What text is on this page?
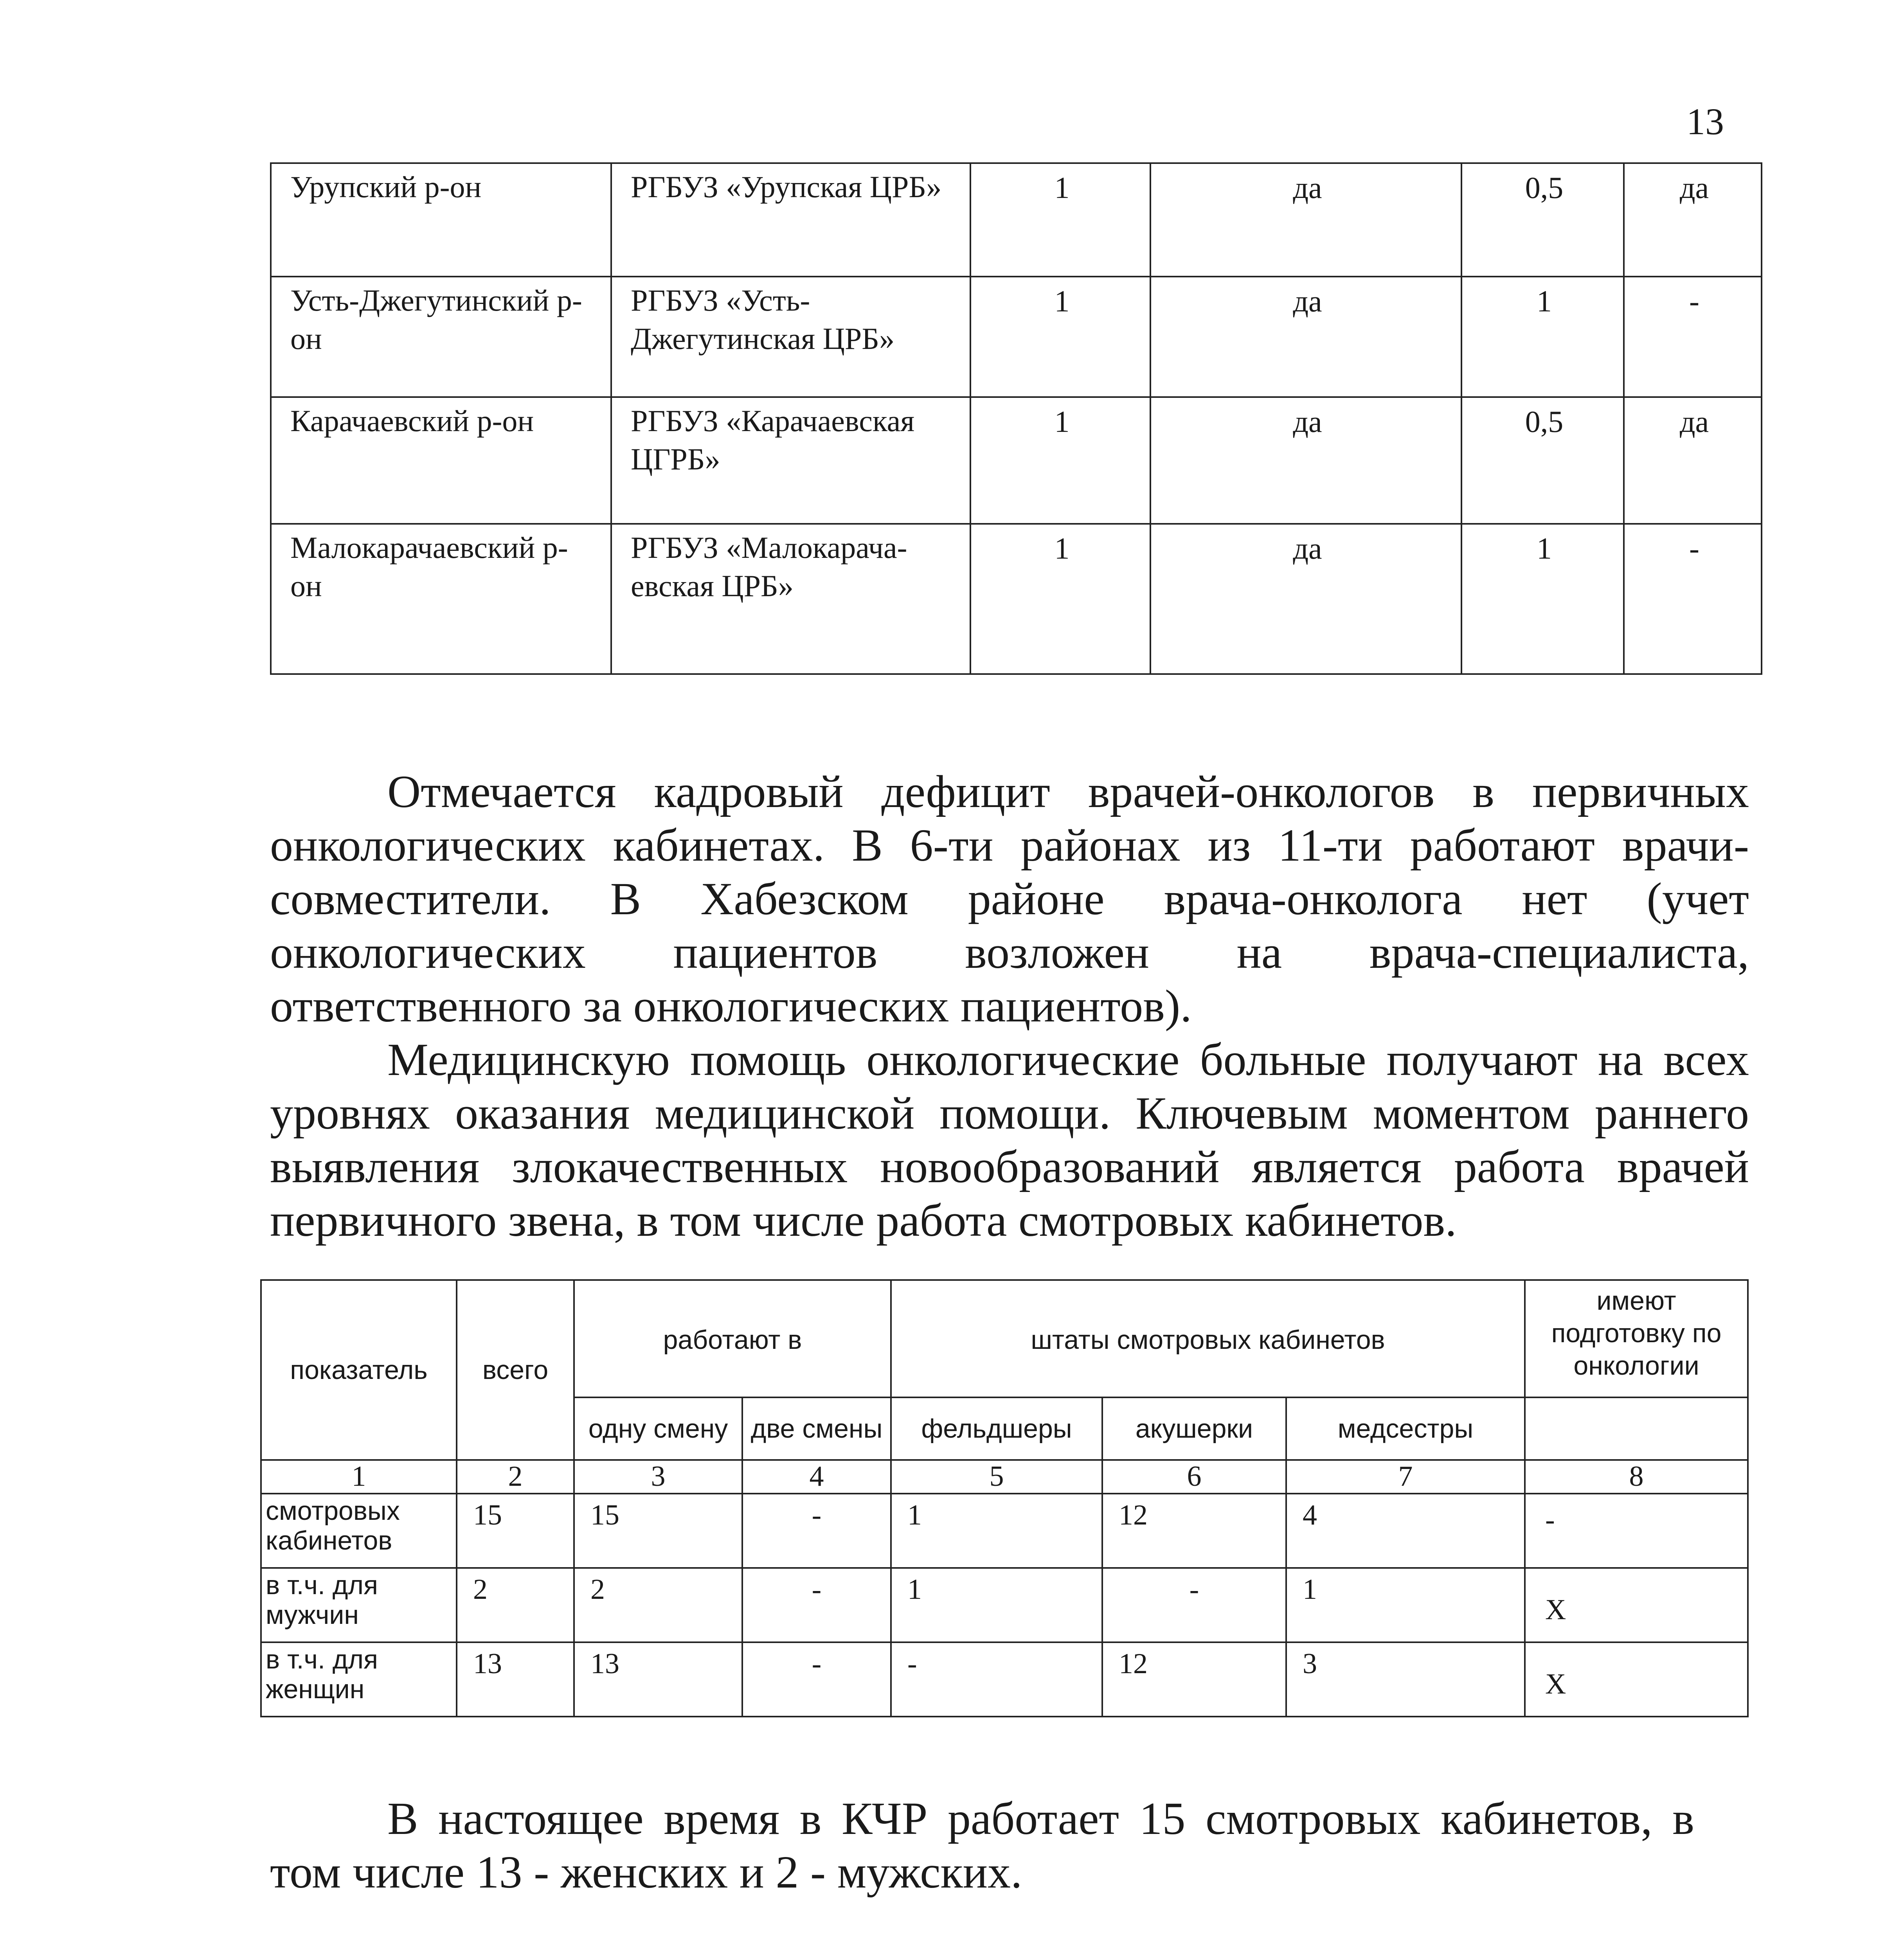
13
Урупский р-он	РГБУЗ «Урупская ЦРБ»	1	да	0,5	да
Усть-Джегутинский р-он	РГБУЗ «Усть-Джегутинская ЦРБ»	1	да	1	-
Карачаевский р-он	РГБУЗ «Карачаевская ЦГРБ»	1	да	0,5	да
Малокарачаевский р-он	РГБУЗ «Малокарача-евская ЦРБ»	1	да	1	-

Отмечается кадровый дефицит врачей-онкологов в первичных онкологических кабинетах. В 6-ти районах из 11-ти работают врачи-совместители. В Хабезском районе врача-онколога нет (учет онкологических пациентов возложен на врача-специалиста, ответственного за онкологических пациентов).

Медицинскую помощь онкологические больные получают на всех уровнях оказания медицинской помощи. Ключевым моментом раннего выявления злокачественных новообразований является работа врачей первичного звена, в том числе работа смотровых кабинетов.

показатель	всего	работают в		штаты смотровых кабинетов			имеют подготовку по онкологии
		одну смену	две смены	фельдшеры	акушерки	медсестры	
1	2	3	4	5	6	7	8
смотровых кабинетов	15	15	-	1	12	4	-
в т.ч. для мужчин	2	2	-	1	-	1	X
в т.ч. для женщин	13	13	-	-	12	3	X

В настоящее время в КЧР работает 15 смотровых кабинетов, в том числе 13 - женских и 2 - мужских.
